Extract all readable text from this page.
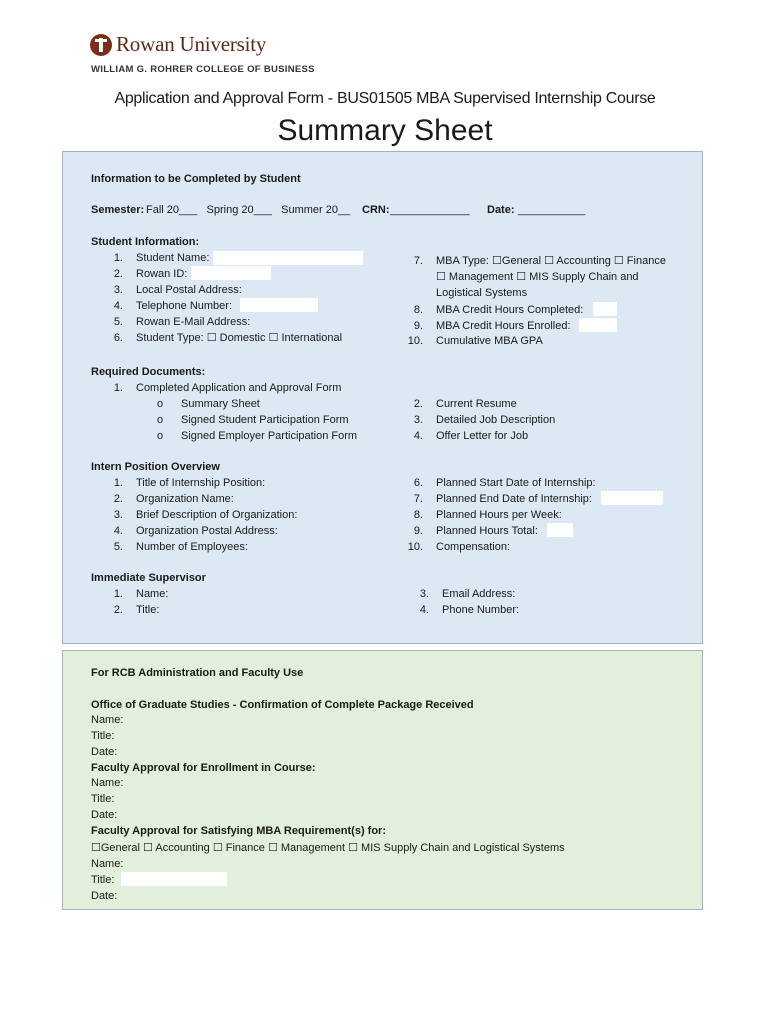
Rowan University
WILLIAM G. ROHRER COLLEGE OF BUSINESS
Application and Approval Form - BUS01505 MBA Supervised Internship Course
Summary Sheet
Information to be Completed by Student
Semester: Fall 20___   Spring 20___   Summer 20__ CRN: _____________ Date: ___________
Student Information:
1. Student Name:
2. Rowan ID:
3. Local Postal Address:
4. Telephone Number:
5. Rowan E-Mail Address:
6. Student Type: ☐ Domestic ☐ International
7. MBA Type: ☐General ☐ Accounting ☐ Finance
☐ Management ☐ MIS Supply Chain and
Logistical Systems
8. MBA Credit Hours Completed:
9. MBA Credit Hours Enrolled:
10. Cumulative MBA GPA
Required Documents:
1. Completed Application and Approval Form
o Summary Sheet
o Signed Student Participation Form
o Signed Employer Participation Form
2. Current Resume
3. Detailed Job Description
4. Offer Letter for Job
Intern Position Overview
1. Title of Internship Position:
2. Organization Name:
3. Brief Description of Organization:
4. Organization Postal Address:
5. Number of Employees:
6. Planned Start Date of Internship:
7. Planned End Date of Internship:
8. Planned Hours per Week:
9. Planned Hours Total:
10. Compensation:
Immediate Supervisor
1. Name:
2. Title:
3. Email Address:
4. Phone Number:
For RCB Administration and Faculty Use
Office of Graduate Studies - Confirmation of Complete Package Received
Name:
Title:
Date:
Faculty Approval for Enrollment in Course:
Name:
Title:
Date:
Faculty Approval for Satisfying MBA Requirement(s) for:
☐General ☐ Accounting ☐ Finance ☐ Management ☐ MIS Supply Chain and Logistical Systems
Name:
Title:
Date:
